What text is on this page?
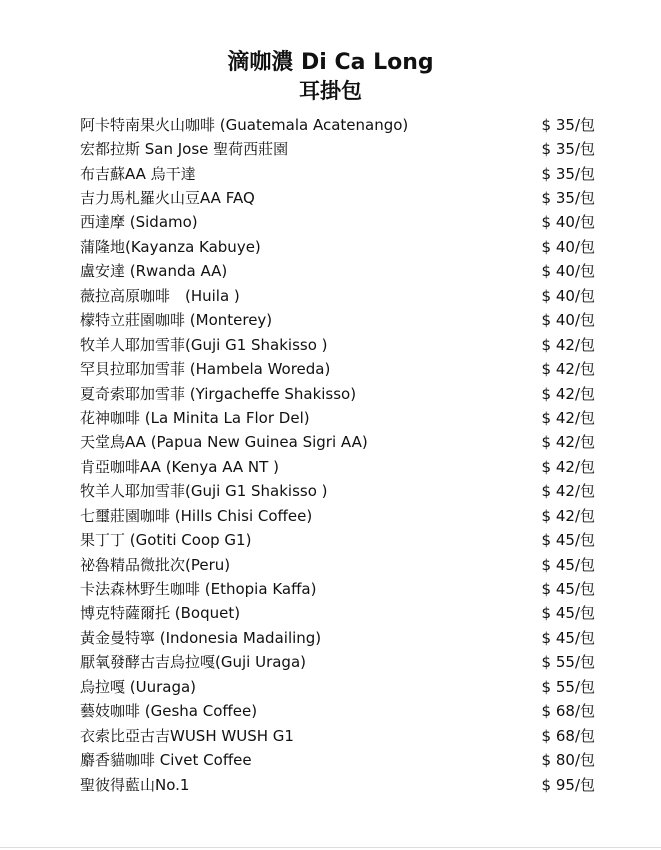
滴咖濃 Di Ca Long
耳掛包
阿卡特南果火山咖啡 (Guatemala Acatenango)	$ 35/包
宏都拉斯 San Jose 聖荷西莊園	$ 35/包
布吉蘇AA 烏干達	$ 35/包
吉力馬札羅火山豆AA FAQ	$ 35/包
西達摩 (Sidamo)	$ 40/包
蒲隆地(Kayanza Kabuye)	$ 40/包
盧安達 (Rwanda AA)	$ 40/包
薇拉高原咖啡　(Huila )	$ 40/包
檬特立莊園咖啡 (Monterey)	$ 40/包
牧羊人耶加雪菲(Guji G1 Shakisso )	$ 42/包
罕貝拉耶加雪菲 (Hambela Woreda)	$ 42/包
夏奇索耶加雪菲 (Yirgacheffe Shakisso)	$ 42/包
花神咖啡 (La Minita La Flor Del)	$ 42/包
天堂鳥AA (Papua New Guinea Sigri AA)	$ 42/包
肯亞咖啡AA (Kenya AA NT )	$ 42/包
牧羊人耶加雪菲(Guji G1 Shakisso )	$ 42/包
七璽莊園咖啡 (Hills Chisi Coffee)	$ 42/包
果丁丁 (Gotiti Coop G1)	$ 45/包
祕魯精品微批次(Peru)	$ 45/包
卡法森林野生咖啡 (Ethopia Kaffa)	$ 45/包
博克特薩爾托 (Boquet)	$ 45/包
黃金曼特寧 (Indonesia Madailing)	$ 45/包
厭氧發酵古吉烏拉嘎(Guji Uraga)	$ 55/包
烏拉嘎 (Uuraga)	$ 55/包
藝妓咖啡 (Gesha Coffee)	$ 68/包
衣索比亞古吉WUSH WUSH G1	$ 68/包
麝香貓咖啡 Civet Coffee	$ 80/包
聖彼得藍山No.1	$ 95/包
